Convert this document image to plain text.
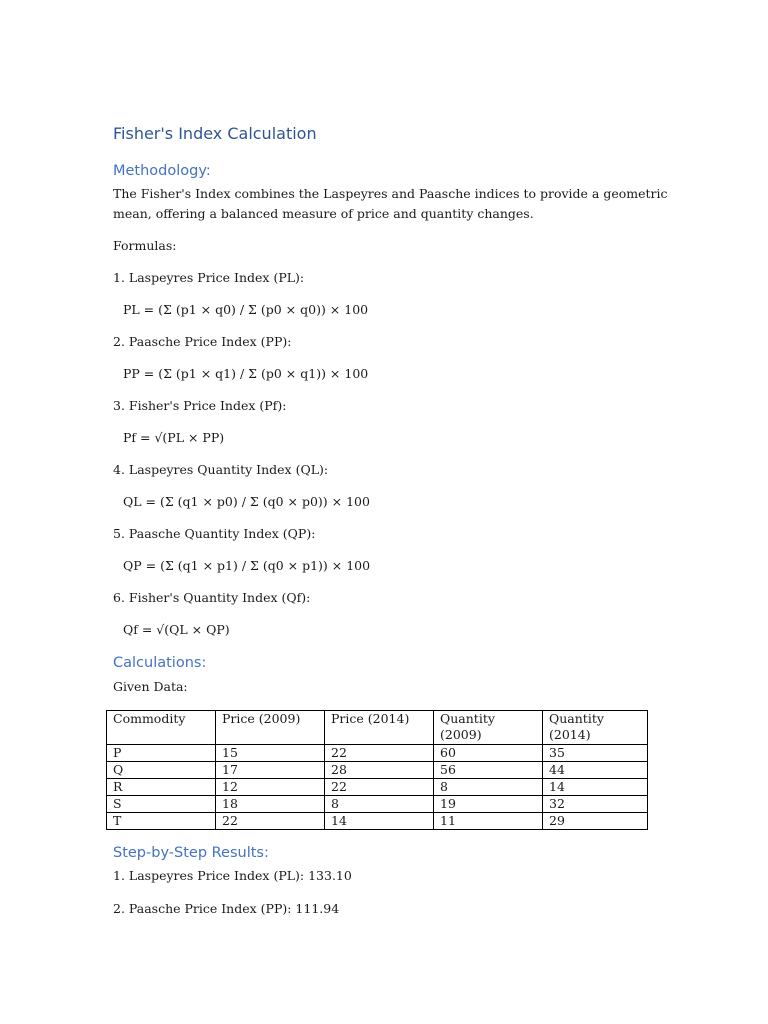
Fisher's Index Calculation
Methodology:

The Fisher's Index combines the Laspeyres and Paasche indices to provide a geometric

mean, offering a balanced measure of price and quantity changes.

Formulas:

1. Laspeyres Price Index (PL):

PL = (Σ (p1 × q0) / Σ (p0 × q0)) × 100

2. Paasche Price Index (PP):

PP = (Σ (p1 × q1) / Σ (p0 × q1)) × 100

3. Fisher's Price Index (Pf):

Pf = √(PL × PP)

4. Laspeyres Quantity Index (QL):

QL = (Σ (q1 × p0) / Σ (q0 × p0)) × 100

5. Paasche Quantity Index (QP):

QP = (Σ (q1 × p1) / Σ (q0 × p1)) × 100

6. Fisher's Quantity Index (Qf):

Qf = √(QL × QP)

Calculations:

Given Data:

Commodity	Price (2009)	Price (2014)	Quantity (2009)	Quantity (2014)
P	15	22	60	35
Q	17	28	56	44
R	12	22	8	14
S	18	8	19	32
T	22	14	11	29
Step-by-Step Results:

1. Laspeyres Price Index (PL): 133.10

2. Paasche Price Index (PP): 111.94
